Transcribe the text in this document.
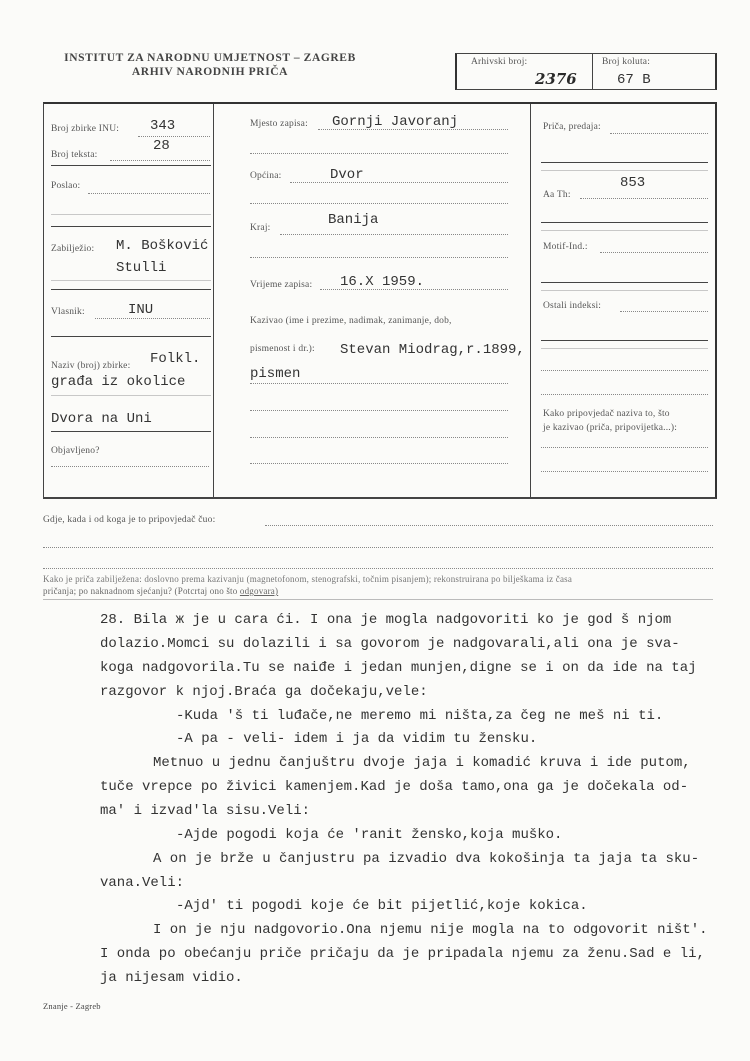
INSTITUT ZA NARODNU UMJETNOST – ZAGREB
ARHIV NARODNIH PRIČA
Arhivski broj:
2376
Broj koluta:
67 B
Broj zbirke INU: 343
Broj teksta:
28
Poslao:
Zabilježio: M. Bošković
Stulli
Vlasnik:	INU
Naziv (broj) zbirke: Folkl.
građa iz okolice
Dvora na Uni
Objavljeno?
Mjesto zapisa: Gornji Javoranj
Općina:	Dvor
Banija
Kraj:
Vrijeme zapisa: 16.X 1959.
Kazivao (ime i prezime, nadimak, zanimanje, dob,
pismenost i dr.): Stevan Miodrag,r.1899,
pismen
Priča, predaja:
Aa Th:
853
Motif-Ind.:
Ostali indeksi:
Kako pripovjedač naziva to, što
je kazivao (priča, pripovijetka...):
Gdje, kada i od koga je to pripovjedač čuo:
Kako je priča zabilježena: doslovno prema kazivanju (magnetofonom, stenografski, točnim pisanjem); rekonstruirana po bilješkama iz časa
pričanja; po naknadnom sjećanju? (Potcrtaj ono što odgovara)
28. Bila ж je u cara ći. I ona je mogla nadgovoriti ko je god š njom
dolazio.Momci su dolazili i sa govorom je nadgovarali,ali ona je sva-
koga nadgovorila.Tu se naiđe i jedan munjen,digne se i on da ide na taj
razgovor k njoj.Braća ga dočekaju,vele:
-Kuda 'š ti luđače,ne meremo mi ništa,za čeg ne meš ni ti.
-A pa - veli- idem i ja da vidim tu žensku.
Metnuo u jednu čanjuštru dvoje jaja i komadić kruva i ide putom,
tuče vrepce po živici kamenjem.Kad je doša tamo,ona ga je dočekala od-
ma' i izvad'la sisu.Veli:
-Ajde pogodi koja će 'ranit žensko,koja muško.
A on je brže u čanjustru pa izvadio dva kokošinja ta jaja ta sku-
vana.Veli:
-Ajd' ti pogodi koje će bit pijetlić,koje kokica.
I on je nju nadgovorio.Ona njemu nije mogla na to odgovorit ništ'.
I onda po obećanju priče pričaju da je pripadala njemu za ženu.Sad e li,
ja nijesam vidio.
Znanje - Zagreb
